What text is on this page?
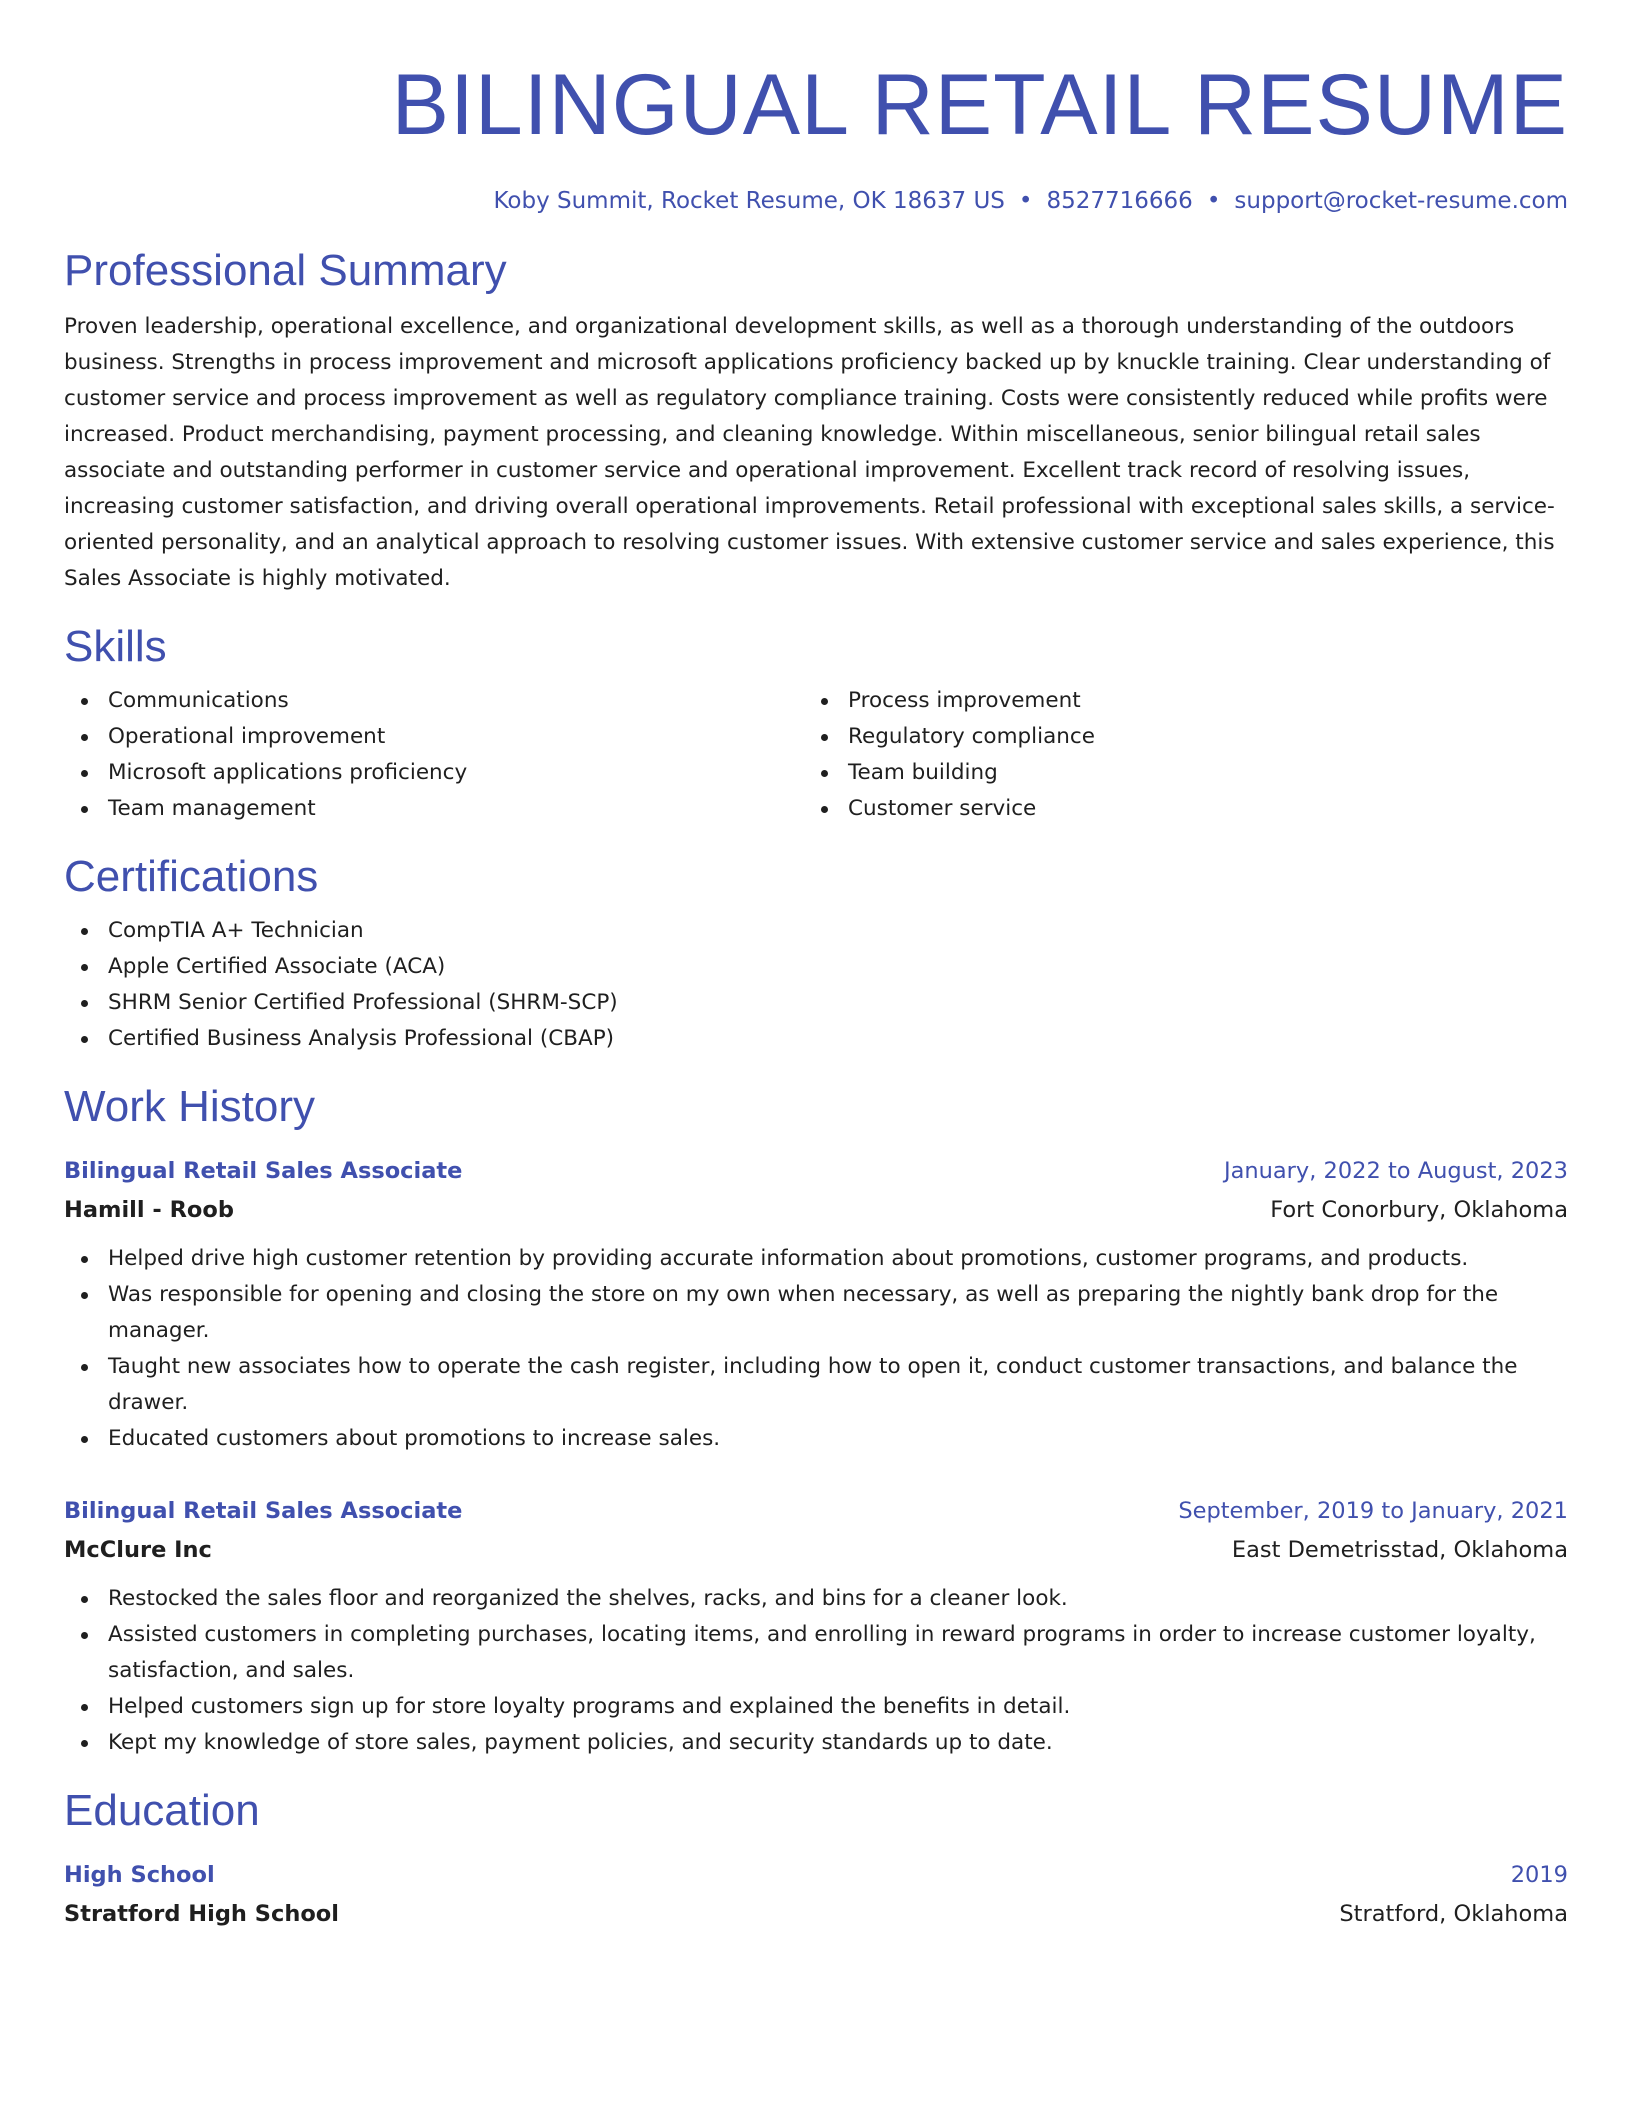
BILINGUAL RETAIL RESUME
Koby Summit, Rocket Resume, OK 18637 US • 8527716666 • support@rocket-resume.com
Professional Summary

Proven leadership, operational excellence, and organizational development skills, as well as a thorough understanding of the outdoors business. Strengths in process improvement and microsoft applications proficiency backed up by knuckle training. Clear understanding of customer service and process improvement as well as regulatory compliance training. Costs were consistently reduced while profits were increased. Product merchandising, payment processing, and cleaning knowledge. Within miscellaneous, senior bilingual retail sales associate and outstanding performer in customer service and operational improvement. Excellent track record of resolving issues, increasing customer satisfaction, and driving overall operational improvements. Retail professional with exceptional sales skills, a service-oriented personality, and an analytical approach to resolving customer issues. With extensive customer service and sales experience, this Sales Associate is highly motivated.

Skills
Communications
Operational improvement
Microsoft applications proficiency
Team management
Process improvement
Regulatory compliance
Team building
Customer service
Certifications
CompTIA A+ Technician
Apple Certified Associate (ACA)
SHRM Senior Certified Professional (SHRM-SCP)
Certified Business Analysis Professional (CBAP)
Work History
Bilingual Retail Sales Associate	January, 2022 to August, 2023
Hamill - Roob	Fort Conorbury, Oklahoma
Helped drive high customer retention by providing accurate information about promotions, customer programs, and products.
Was responsible for opening and closing the store on my own when necessary, as well as preparing the nightly bank drop for the manager.
Taught new associates how to operate the cash register, including how to open it, conduct customer transactions, and balance the drawer.
Educated customers about promotions to increase sales.
Bilingual Retail Sales Associate	September, 2019 to January, 2021
McClure Inc	East Demetrisstad, Oklahoma
Restocked the sales floor and reorganized the shelves, racks, and bins for a cleaner look.
Assisted customers in completing purchases, locating items, and enrolling in reward programs in order to increase customer loyalty, satisfaction, and sales.
Helped customers sign up for store loyalty programs and explained the benefits in detail.
Kept my knowledge of store sales, payment policies, and security standards up to date.
Education
High School	2019
Stratford High School	Stratford, Oklahoma
